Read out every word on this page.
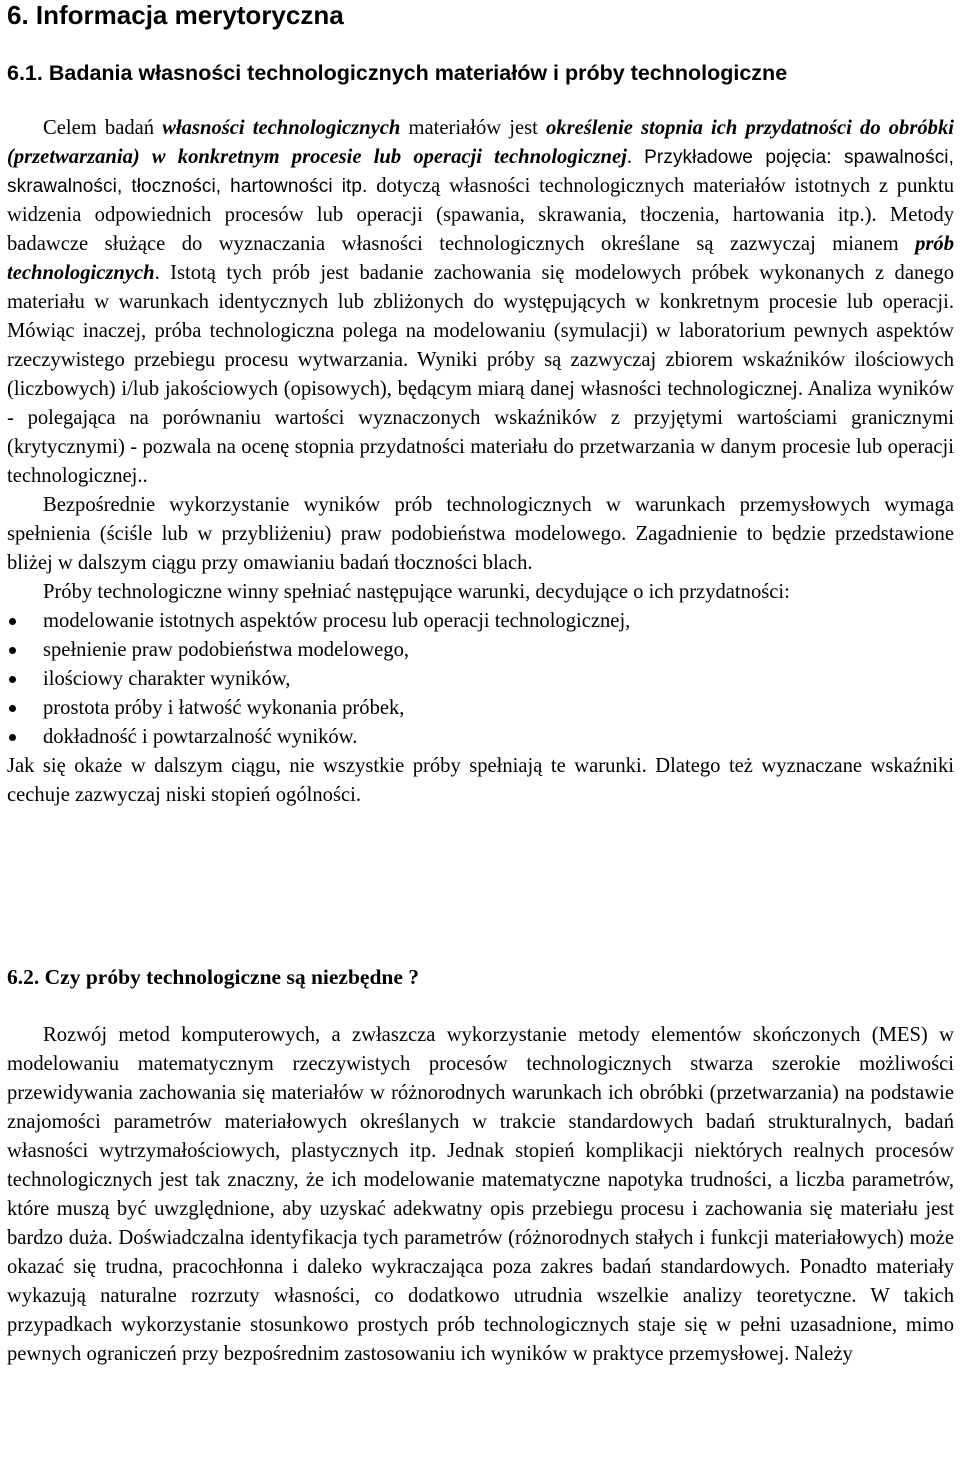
6. Informacja merytoryczna
6.1. Badania własności technologicznych materiałów i próby technologiczne

Celem badań własności technologicznych materiałów jest określenie stopnia ich przydatności do obróbki (przetwarzania) w konkretnym procesie lub operacji technologicznej. Przykładowe pojęcia: spawalności, skrawalności, tłoczności, hartowności itp. dotyczą własności technologicznych materiałów istotnych z punktu widzenia odpowiednich procesów lub operacji (spawania, skrawania, tłoczenia, hartowania itp.). Metody badawcze służące do wyznaczania własności technologicznych określane są zazwyczaj mianem prób technologicznych. Istotą tych prób jest badanie zachowania się modelowych próbek wykonanych z danego materiału w warunkach identycznych lub zbliżonych do występujących w konkretnym procesie lub operacji. Mówiąc inaczej, próba technologiczna polega na modelowaniu (symulacji) w laboratorium pewnych aspektów rzeczywistego przebiegu procesu wytwarzania. Wyniki próby są zazwyczaj zbiorem wskaźników ilościowych (liczbowych) i/lub jakościowych (opisowych), będącym miarą danej własności technologicznej. Analiza wyników - polegająca na porównaniu wartości wyznaczonych wskaźników z przyjętymi wartościami granicznymi (krytycznymi) - pozwala na ocenę stopnia przydatności materiału do przetwarzania w danym procesie lub operacji technologicznej..

Bezpośrednie wykorzystanie wyników prób technologicznych w warunkach przemysłowych wymaga spełnienia (ściśle lub w przybliżeniu) praw podobieństwa modelowego. Zagadnienie to będzie przedstawione bliżej w dalszym ciągu przy omawianiu badań tłoczności blach.

Próby technologiczne winny spełniać następujące warunki, decydujące o ich przydatności:

modelowanie istotnych aspektów procesu lub operacji technologicznej,
spełnienie praw podobieństwa modelowego,
ilościowy charakter wyników,
prostota próby i łatwość wykonania próbek,
dokładność i powtarzalność wyników.

Jak się okaże w dalszym ciągu, nie wszystkie próby spełniają te warunki. Dlatego też wyznaczane wskaźniki cechuje zazwyczaj niski stopień ogólności.

6.2. Czy próby technologiczne są niezbędne ?

Rozwój metod komputerowych, a zwłaszcza wykorzystanie metody elementów skończonych (MES) w modelowaniu matematycznym rzeczywistych procesów technologicznych stwarza szerokie możliwości przewidywania zachowania się materiałów w różnorodnych warunkach ich obróbki (przetwarzania) na podstawie znajomości parametrów materiałowych określanych w trakcie standardowych badań strukturalnych, badań własności wytrzymałościowych, plastycznych itp. Jednak stopień komplikacji niektórych realnych procesów technologicznych jest tak znaczny, że ich modelowanie matematyczne napotyka trudności, a liczba parametrów, które muszą być uwzględnione, aby uzyskać adekwatny opis przebiegu procesu i zachowania się materiału jest bardzo duża. Doświadczalna identyfikacja tych parametrów (różnorodnych stałych i funkcji materiałowych) może okazać się trudna, pracochłonna i daleko wykraczająca poza zakres badań standardowych. Ponadto materiały wykazują naturalne rozrzuty własności, co dodatkowo utrudnia wszelkie analizy teoretyczne. W takich przypadkach wykorzystanie stosunkowo prostych prób technologicznych staje się w pełni uzasadnione, mimo pewnych ograniczeń przy bezpośrednim zastosowaniu ich wyników w praktyce przemysłowej. Należy
